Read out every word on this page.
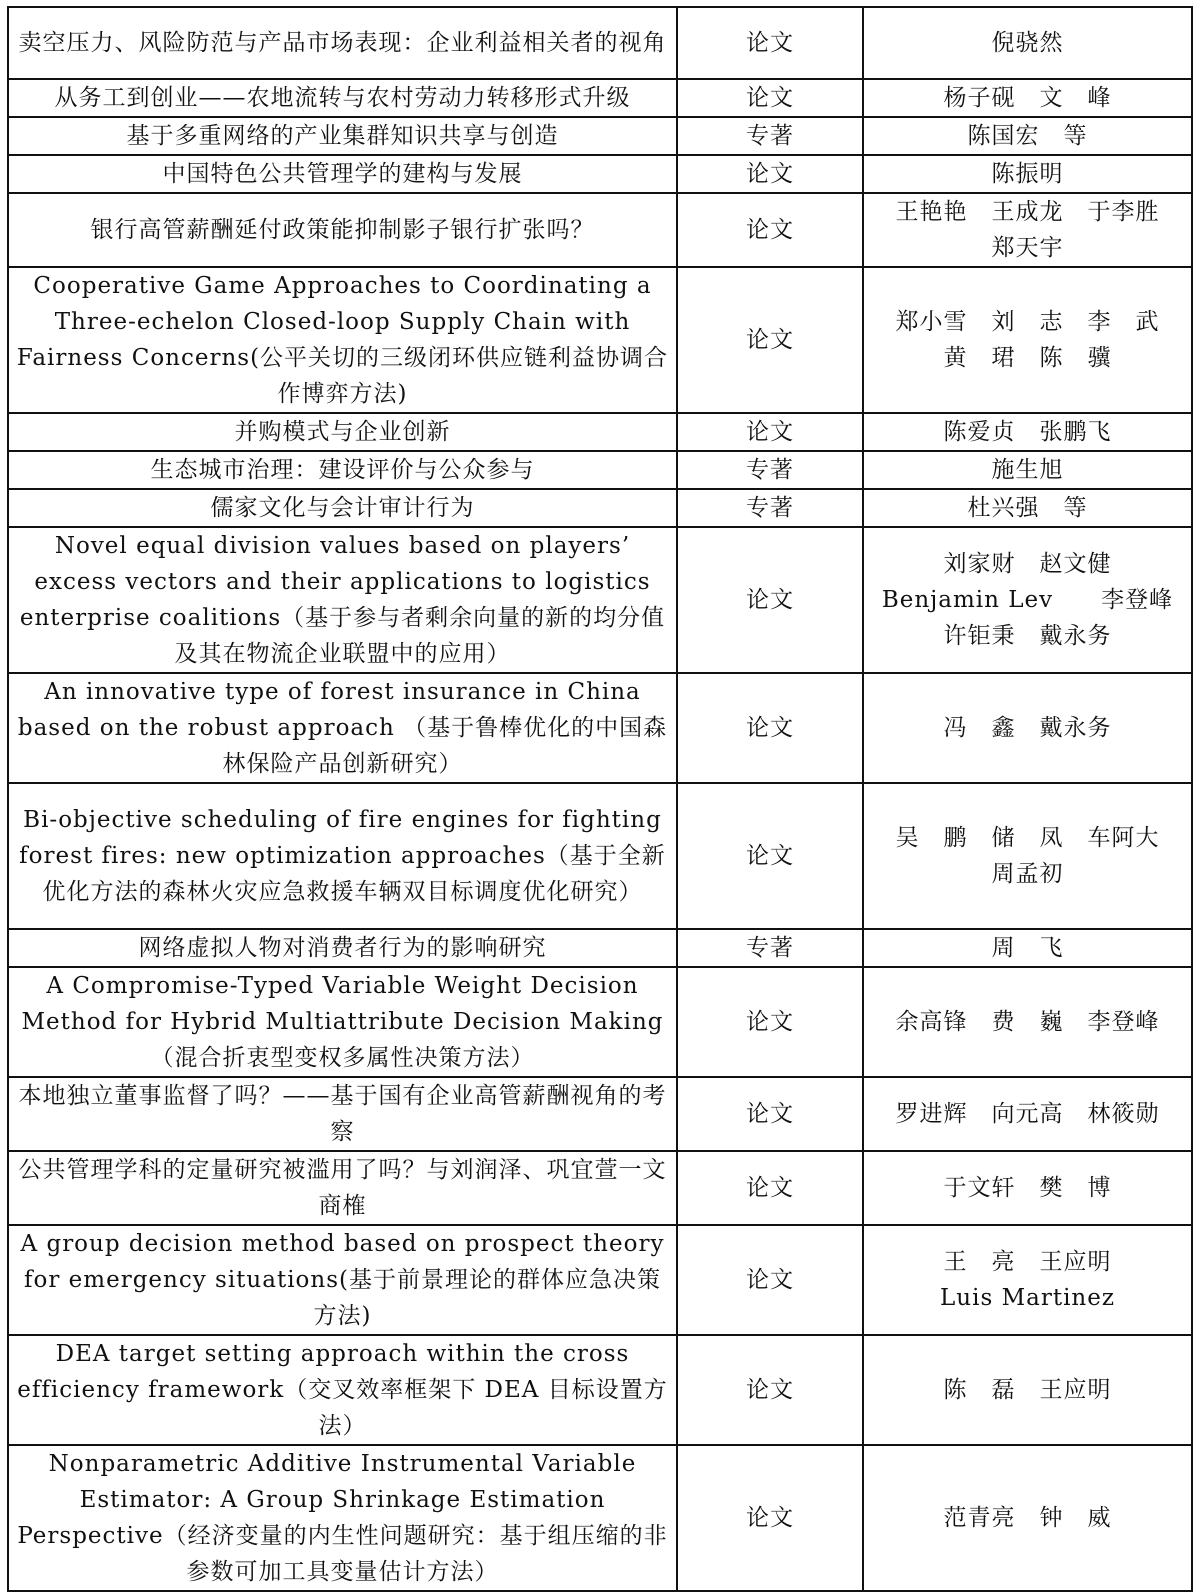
卖空压力、风险防范与产品市场表现：企业利益相关者的视角	论文	倪骁然
从务工到创业——农地流转与农村劳动力转移形式升级	论文	杨子砚　文　峰
基于多重网络的产业集群知识共享与创造	专著	陈国宏　等
中国特色公共管理学的建构与发展	论文	陈振明
银行高管薪酬延付政策能抑制影子银行扩张吗？	论文	王艳艳　王成龙　于李胜
郑天宇
Cooperative Game Approaches to Coordinating a Three-echelon Closed-loop Supply Chain with Fairness Concerns(公平关切的三级闭环供应链利益协调合作博弈方法)	论文	郑小雪　刘　志　李　武
黄　珺　陈　骥
并购模式与企业创新	论文	陈爱贞　张鹏飞
生态城市治理：建设评价与公众参与	专著	施生旭
儒家文化与会计审计行为	专著	杜兴强　等
Novel equal division values based on players’ excess vectors and their applications to logistics enterprise coalitions（基于参与者剩余向量的新的均分值及其在物流企业联盟中的应用）	论文	刘家财　赵文健
Benjamin Lev　　李登峰
许钜秉　戴永务
An innovative type of forest insurance in China based on the robust approach （基于鲁棒优化的中国森林保险产品创新研究）	论文	冯　鑫　戴永务
Bi-objective scheduling of fire engines for fighting forest fires: new optimization approaches（基于全新优化方法的森林火灾应急救援车辆双目标调度优化研究）	论文	吴　鹏　储　凤　车阿大
周孟初
网络虚拟人物对消费者行为的影响研究	专著	周　飞
A Compromise-Typed Variable Weight Decision Method for Hybrid Multiattribute Decision Making（混合折衷型变权多属性决策方法）	论文	余高锋　费　巍　李登峰
本地独立董事监督了吗？——基于国有企业高管薪酬视角的考察	论文	罗进辉　向元高　林筱勋
公共管理学科的定量研究被滥用了吗？与刘润泽、巩宜萱一文商榷	论文	于文轩　樊　博
A group decision method based on prospect theory for emergency situations(基于前景理论的群体应急决策方法)	论文	王　亮　王应明
Luis Martinez
DEA target setting approach within the cross efficiency framework（交叉效率框架下 DEA 目标设置方法）	论文	陈　磊　王应明
Nonparametric Additive Instrumental Variable Estimator: A Group Shrinkage Estimation Perspective（经济变量的内生性问题研究：基于组压缩的非参数可加工具变量估计方法）	论文	范青亮　钟　威
